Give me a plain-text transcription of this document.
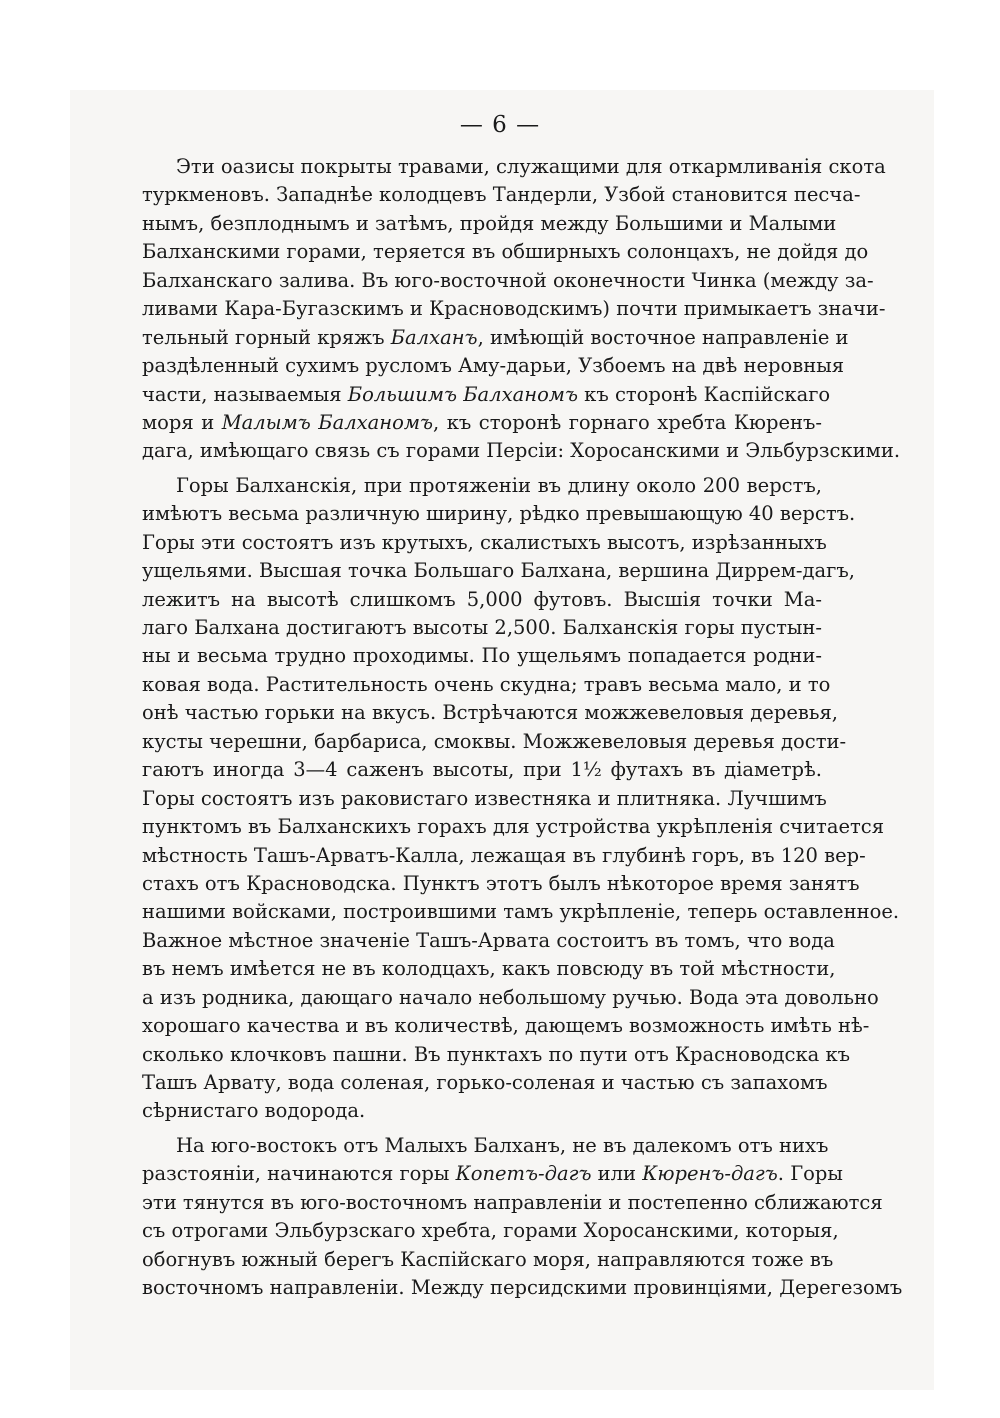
— 6 —
Эти оазисы покрыты травами, служащими для откармливанія скота
туркменовъ. Западнѣе колодцевъ Тандерли, Узбой становится песча-
нымъ, безплоднымъ и затѣмъ, пройдя между Большими и Малыми
Балханскими горами, теряется въ обширныхъ солонцахъ, не дойдя до
Балханскаго залива. Въ юго-восточной оконечности Чинка (между за-
ливами Кара-Бугазскимъ и Красноводскимъ) почти примыкаетъ значи-
тельный горный кряжъ Балханъ, имѣющій восточное направленіе и
раздѣленный сухимъ русломъ Аму-дарьи, Узбоемъ на двѣ неровныя
части, называемыя Большимъ Балханомъ къ сторонѣ Каспійскаго
моря и Малымъ Балханомъ, къ сторонѣ горнаго хребта Кюренъ-
дага, имѣющаго связь съ горами Персіи: Хоросанскими и Эльбурзскими.
Горы Балханскія, при протяженіи въ длину около 200 верстъ,
имѣютъ весьма различную ширину, рѣдко превышающую 40 верстъ.
Горы эти состоятъ изъ крутыхъ, скалистыхъ высотъ, изрѣзанныхъ
ущельями. Высшая точка Большаго Балхана, вершина Диррем-дагъ,
лежитъ на высотѣ слишкомъ 5,000 футовъ. Высшія точки Ма-
лаго Балхана достигаютъ высоты 2,500. Балханскія горы пустын-
ны и весьма трудно проходимы. По ущельямъ попадается родни-
ковая вода. Растительность очень скудна; травъ весьма мало, и то
онѣ частью горьки на вкусъ. Встрѣчаются можжевеловыя деревья,
кусты черешни, барбариса, смоквы. Можжевеловыя деревья дости-
гаютъ иногда 3—4 саженъ высоты, при 1½ футахъ въ діаметрѣ.
Горы состоятъ изъ раковистаго известняка и плитняка. Лучшимъ
пунктомъ въ Балханскихъ горахъ для устройства укрѣпленія считается
мѣстность Ташъ-Арватъ-Калла, лежащая въ глубинѣ горъ, въ 120 вер-
стахъ отъ Красноводска. Пунктъ этотъ былъ нѣкоторое время занятъ
нашими войсками, построившими тамъ укрѣпленіе, теперь оставленное.
Важное мѣстное значеніе Ташъ-Арвата состоитъ въ томъ, что вода
въ немъ имѣется не въ колодцахъ, какъ повсюду въ той мѣстности,
а изъ родника, дающаго начало небольшому ручью. Вода эта довольно
хорошаго качества и въ количествѣ, дающемъ возможность имѣть нѣ-
сколько клочковъ пашни. Въ пунктахъ по пути отъ Красноводска къ
Ташъ Арвату, вода соленая, горько-соленая и частью съ запахомъ
сѣрнистаго водорода.
На юго-востокъ отъ Малыхъ Балханъ, не въ далекомъ отъ нихъ
разстояніи, начинаются горы Копетъ-дагъ или Кюренъ-дагъ. Горы
эти тянутся въ юго-восточномъ направленіи и постепенно сближаются
съ отрогами Эльбурзскаго хребта, горами Хоросанскими, которыя,
обогнувъ южный берегъ Каспійскаго моря, направляются тоже въ
восточномъ направленіи. Между персидскими провинціями, Дерегезомъ
